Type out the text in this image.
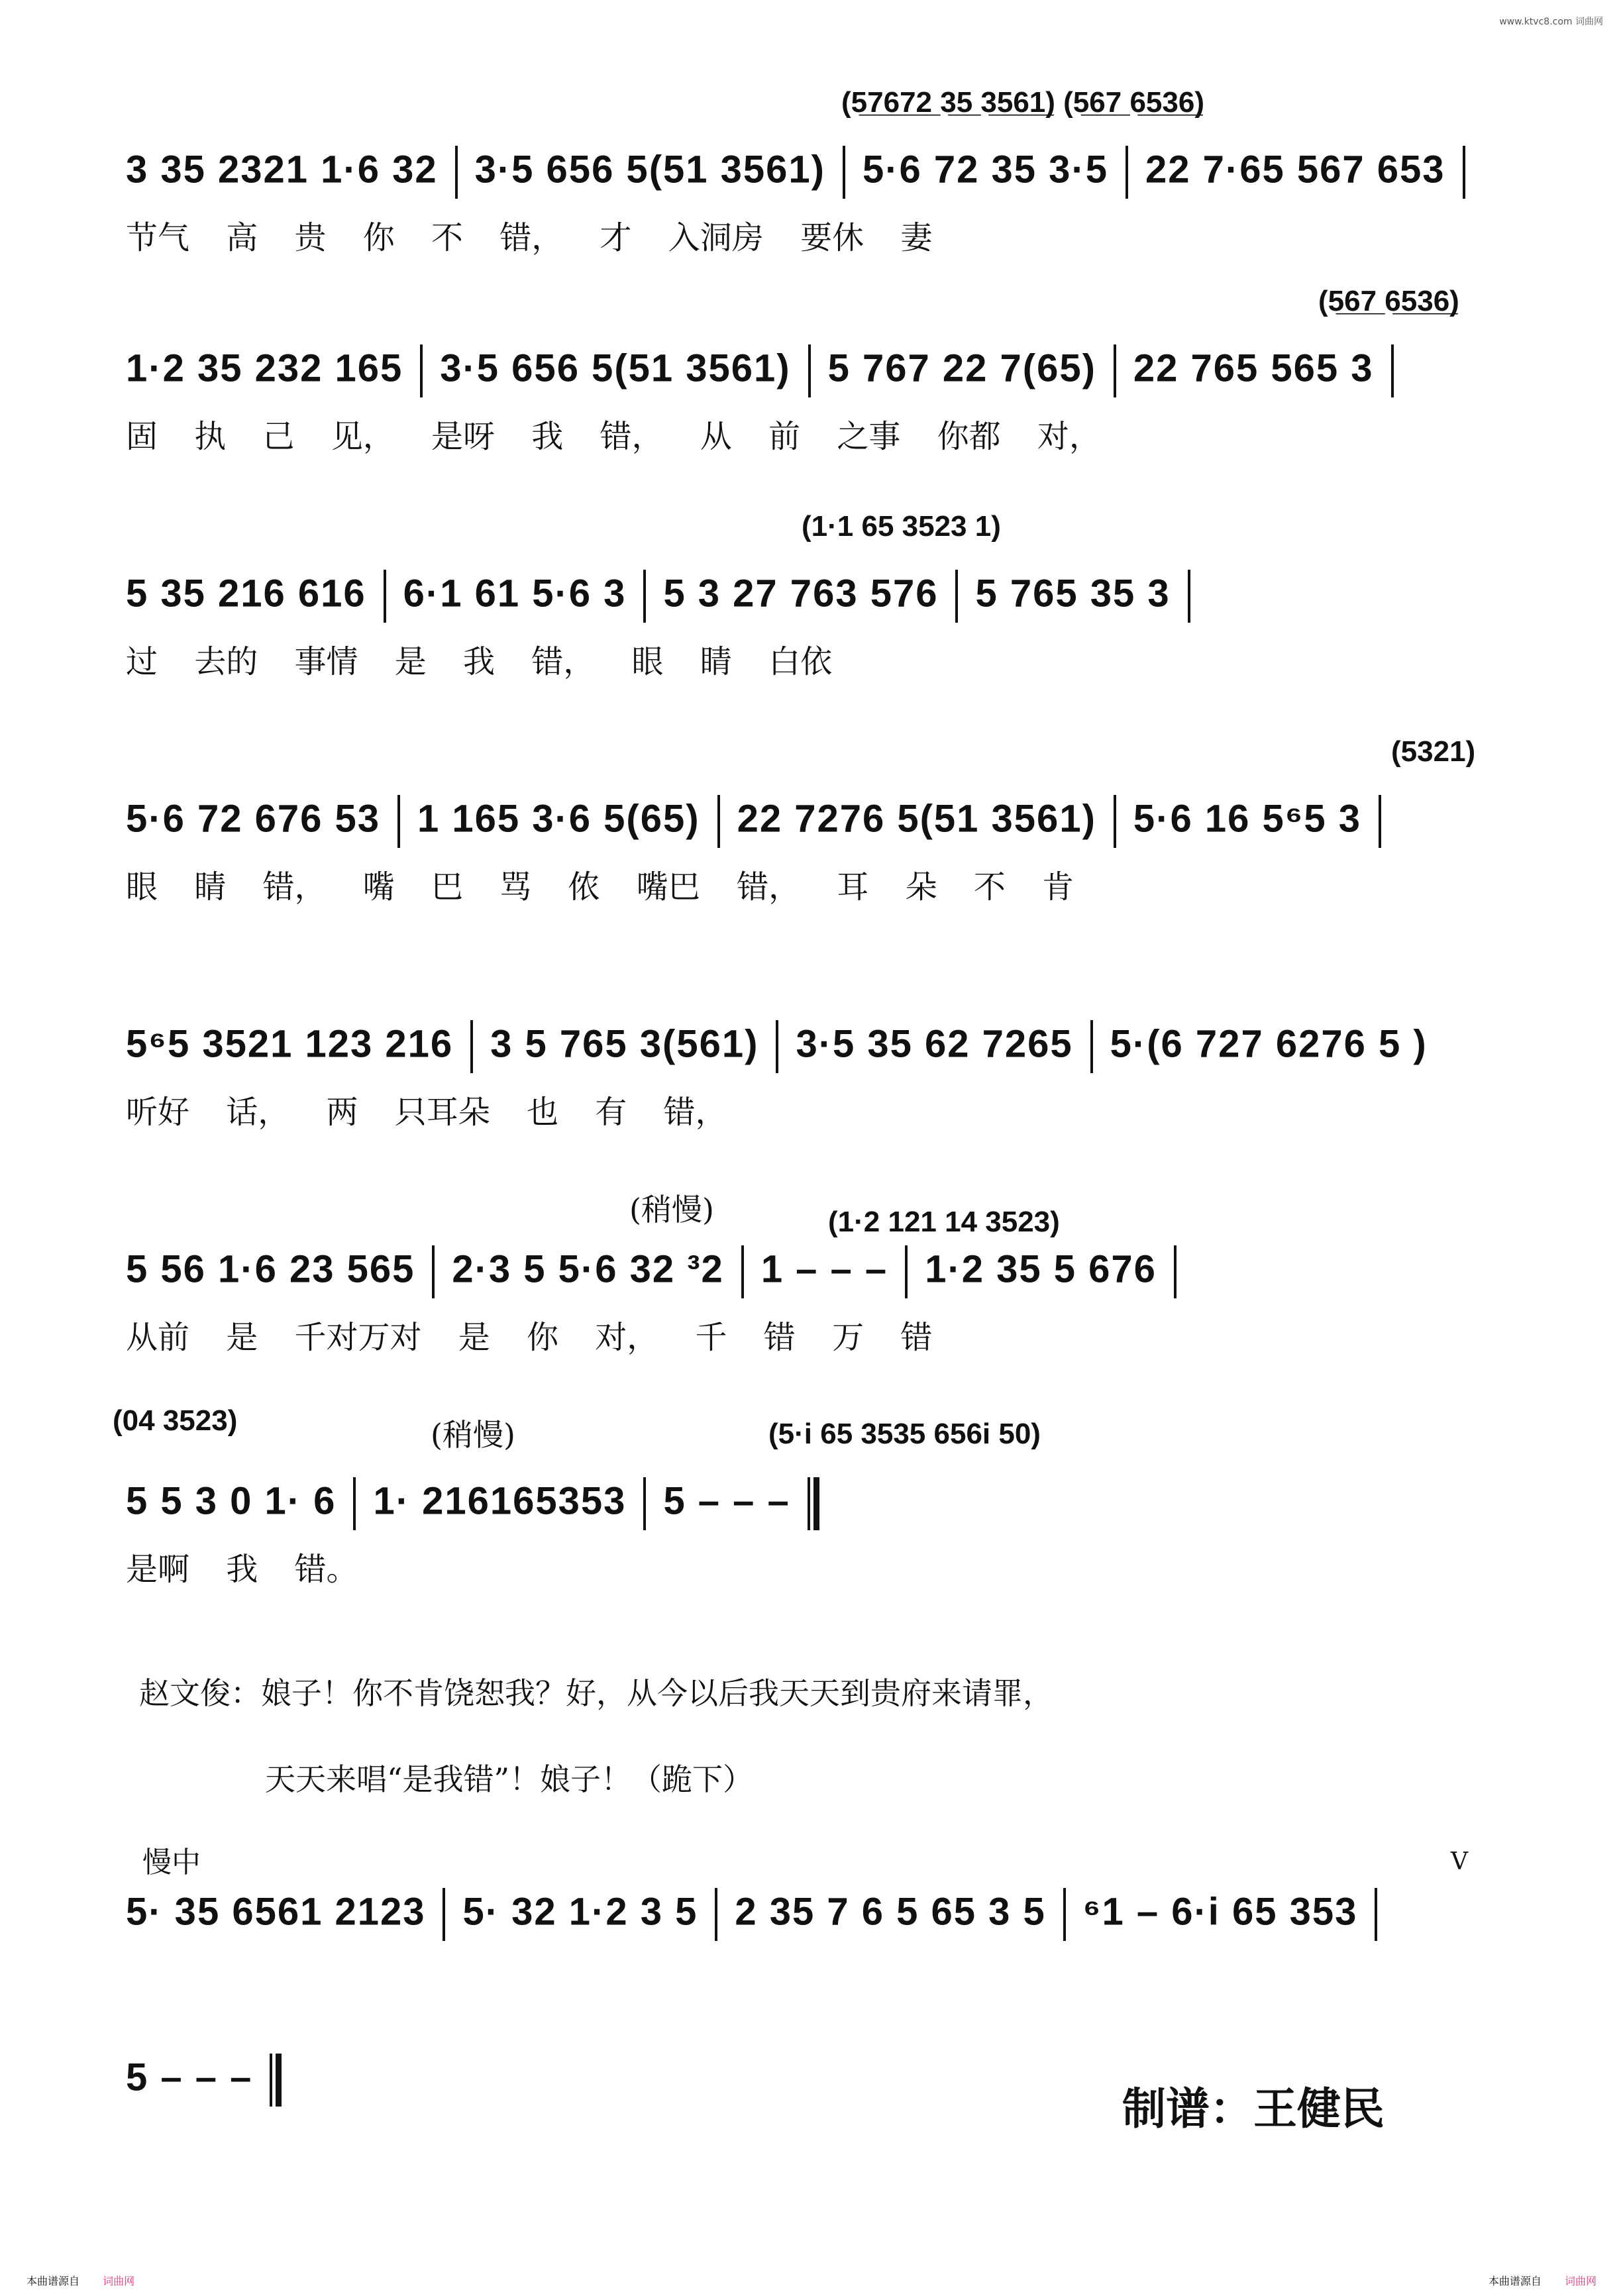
www.ktvc8.com 词曲网
(5̲7̲6̲7̲2̲ 3̲5̲ 3̲5̲6̲1̲) (5̲6̲7̲ 6̲5̲3̲6̲)
3 35 2321 1·6 32 3·5 656 5(51 3561) 5·6 72 35 3·5 22 7·65 567 653
节气 高 贵 你 不 错， 才 入洞房 要休 妻
(5̲6̲7̲ 6̲5̲3̲6̲)
1·2 35 232 165 3·5 656 5(51 3561) 5 767 22 7(65) 22 765 565 3
固 执 己 见， 是呀 我 错， 从 前 之事 你都 对，
(1·1 65 3523 1)
5 35 216 616 6·1 61 5·6 3 5 3 27 763 576 5 765 35 3
过 去的 事情 是 我 错， 眼 睛 白依
(5321)
5·6 72 676 53 1 165 3·6 5(65) 22 7276 5(51 3561) 5·6 16 5⁶5 3
眼 睛 错， 嘴 巴 骂 侬 嘴巴 错， 耳 朵 不 肯
5⁶5 3521 123 216 3 5 765 3(561) 3·5 35 62 7265 5·(6 727 6276 5 )
听好 话， 两 只耳朵 也 有 错，
(稍慢)	(1·2 121 14 3523)
5 56 1·6 23 565 2·3 5 5·6 32 ³2 1 – – – 1·2 35 5 676
从前 是 千对万对 是 你 对， 千 错 万 错
(04 3523)	(稍慢)	(5·i 65 3535 656i 50)
5 5 3 0 1· 6 1· 216165353 5 – – –
是啊 我 错。
赵文俊：娘子！你不肯饶恕我？好，从今以后我天天到贵府来请罪，
天天来唱“是我错”！娘子！（跪下）
慢中
5· 35 6561 2123 5· 32 1·2 3 5 2 35 7 6 5 65 3 5 ⁶1 – 6·i 65 353
V
5 – – –
制谱：王健民
本曲谱源自 词曲网	本曲谱源自 词曲网
